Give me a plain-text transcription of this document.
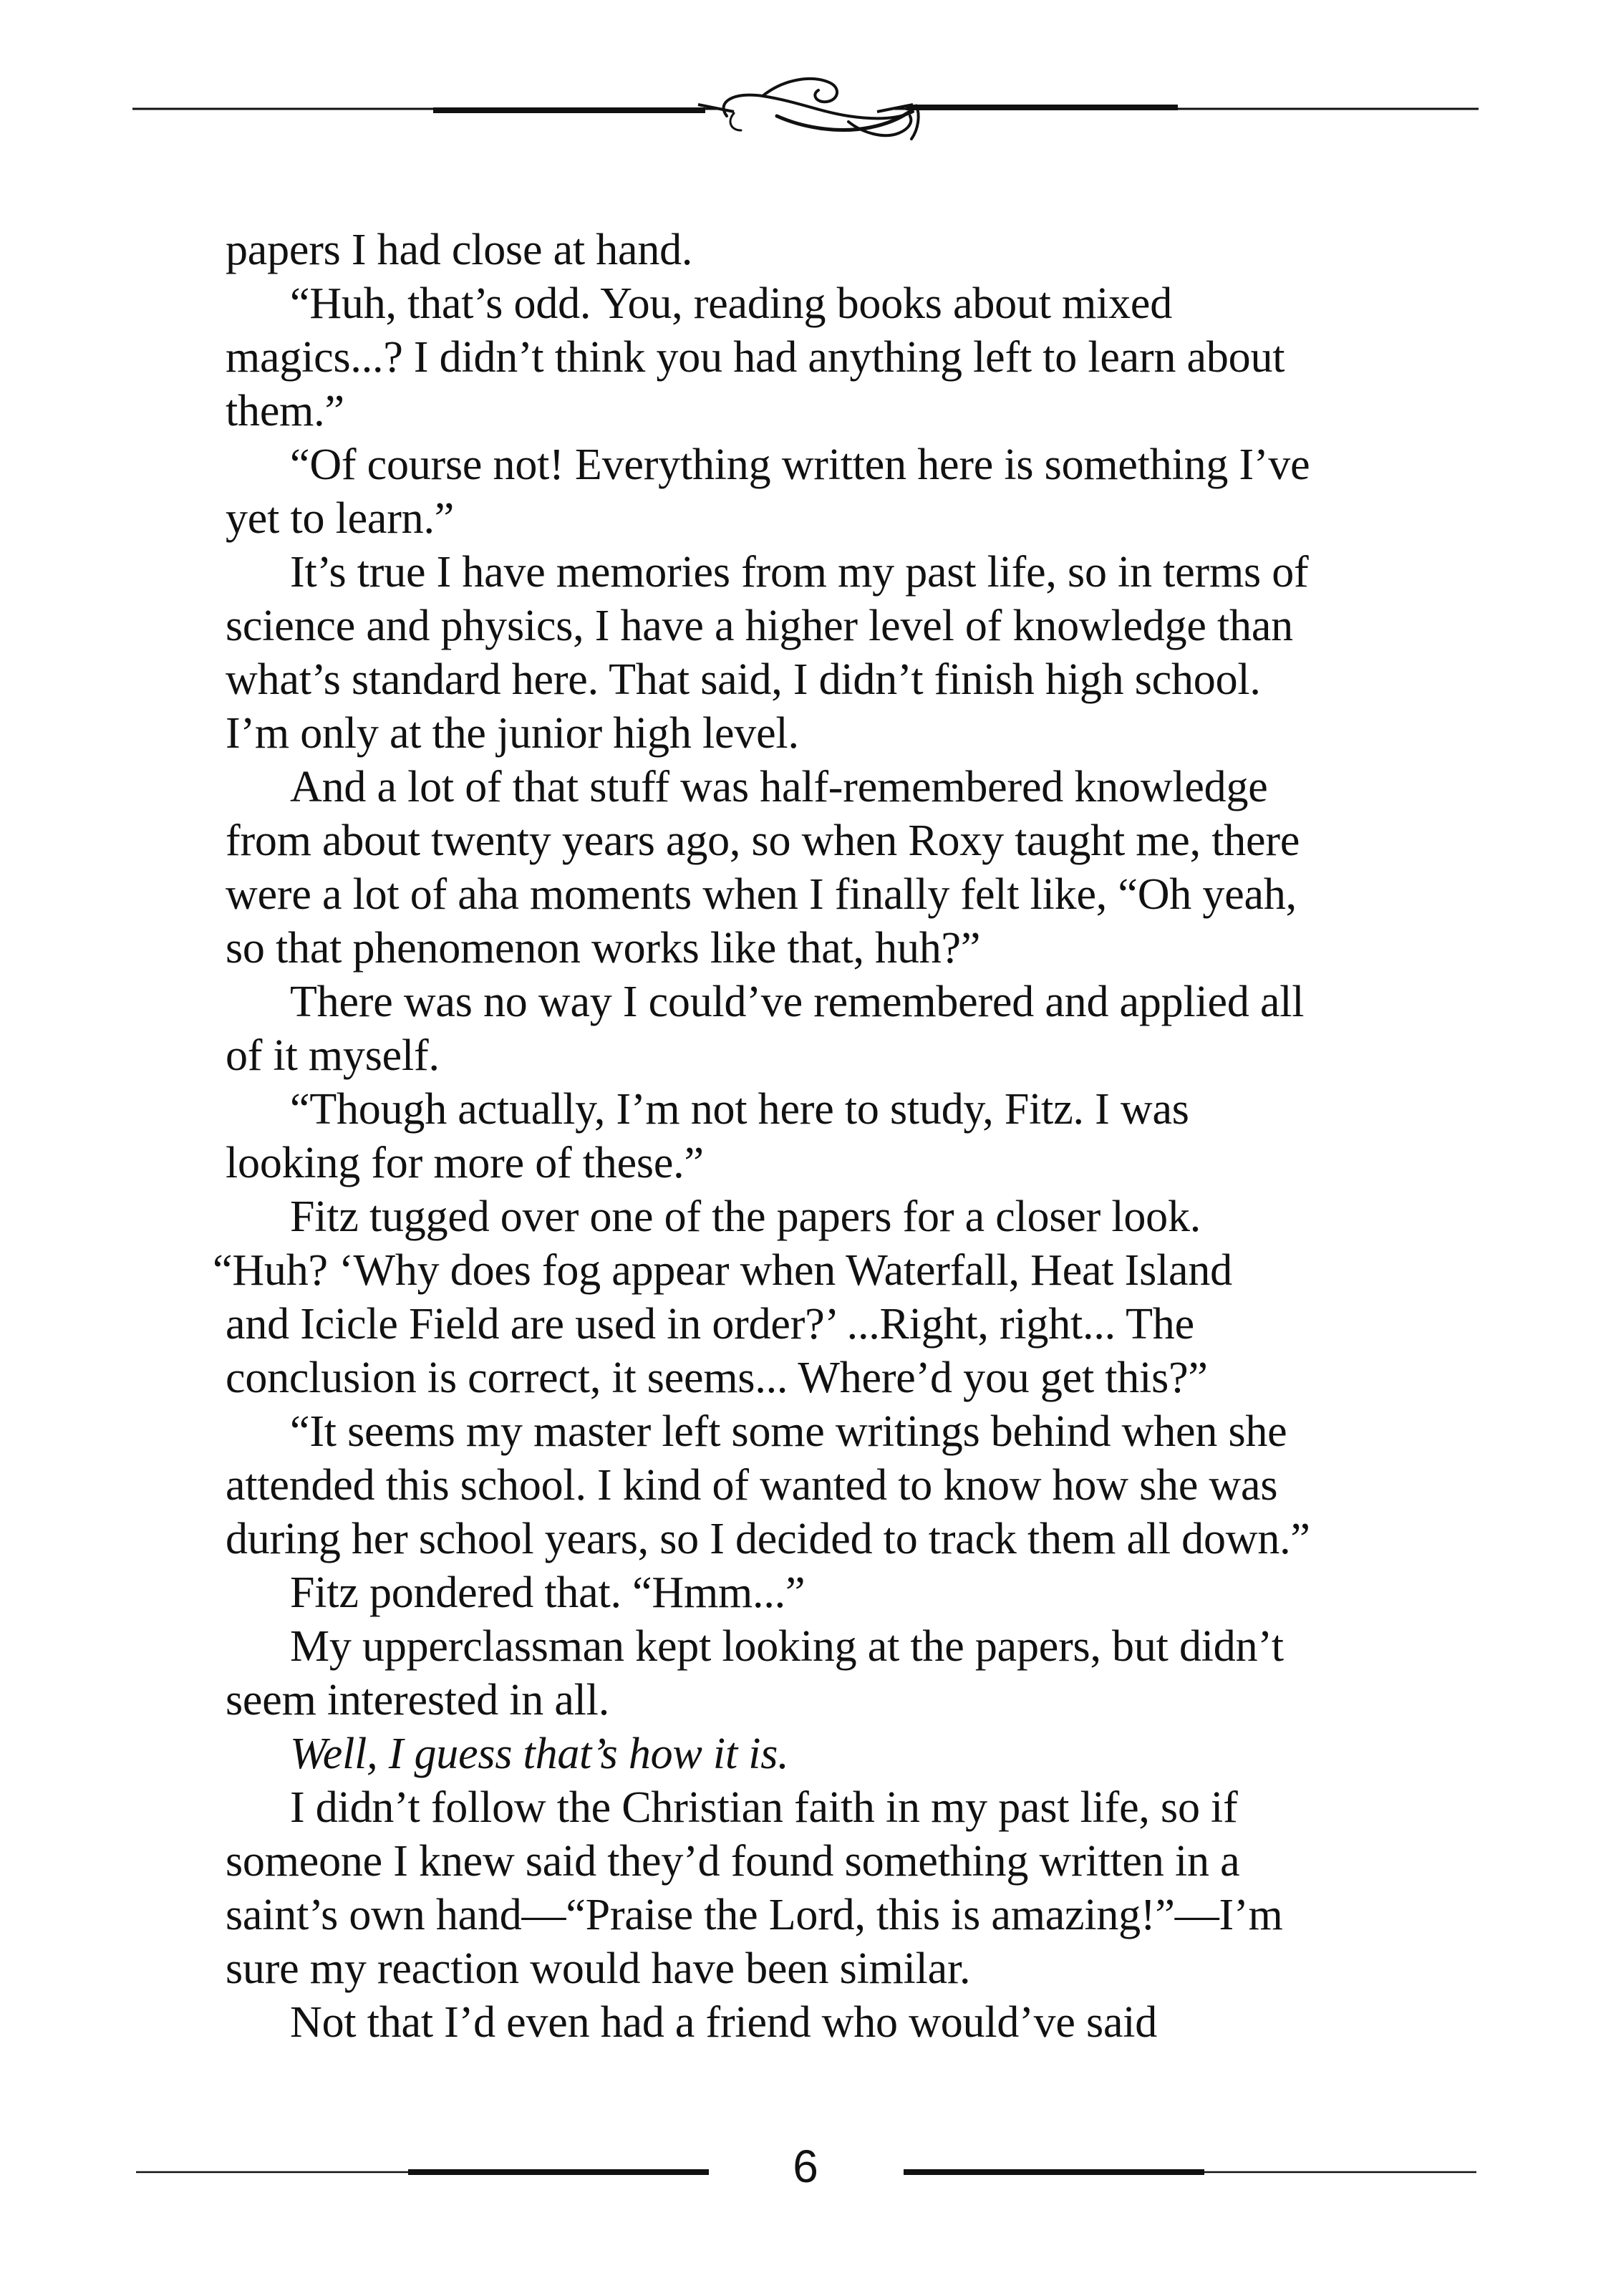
papers I had close at hand.
“Huh, that’s odd. You, reading books about mixed
magics...? I didn’t think you had anything left to learn about
them.”
“Of course not! Everything written here is something I’ve
yet to learn.”
It’s true I have memories from my past life, so in terms of
science and physics, I have a higher level of knowledge than
what’s standard here. That said, I didn’t finish high school.
I’m only at the junior high level.
And a lot of that stuff was half-remembered knowledge
from about twenty years ago, so when Roxy taught me, there
were a lot of aha moments when I finally felt like, “Oh yeah,
so that phenomenon works like that, huh?”
There was no way I could’ve remembered and applied all
of it myself.
“Though actually, I’m not here to study, Fitz. I was
looking for more of these.”
Fitz tugged over one of the papers for a closer look.
“Huh? ‘Why does fog appear when Waterfall, Heat Island
and Icicle Field are used in order?’ ...Right, right... The
conclusion is correct, it seems... Where’d you get this?”
“It seems my master left some writings behind when she
attended this school. I kind of wanted to know how she was
during her school years, so I decided to track them all down.”
Fitz pondered that. “Hmm...”
My upperclassman kept looking at the papers, but didn’t
seem interested in all.
Well, I guess that’s how it is.
I didn’t follow the Christian faith in my past life, so if
someone I knew said they’d found something written in a
saint’s own hand—“Praise the Lord, this is amazing!”—I’m
sure my reaction would have been similar.
Not that I’d even had a friend who would’ve said
6
